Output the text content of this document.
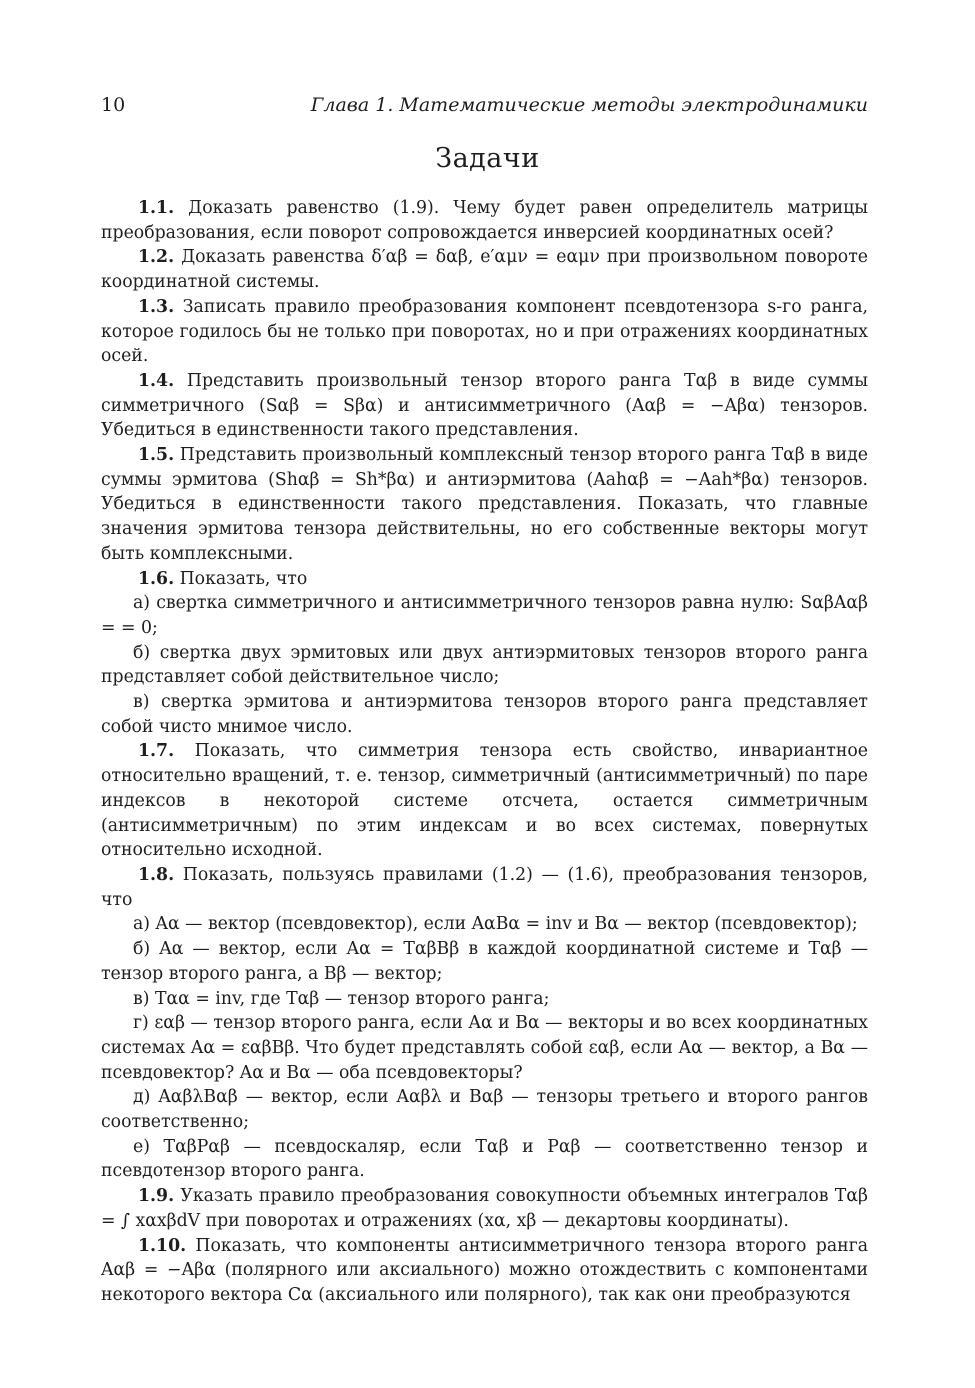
10	Глава 1. Математические методы электродинамики
Задачи

1.1. Доказать равенство (1.9). Чему будет равен определитель матрицы преобразования, если поворот сопровождается инверсией координатных осей?

1.2. Доказать равенства δ′αβ = δαβ, e′αμν = eαμν при произвольном повороте координатной системы.

1.3. Записать правило преобразования компонент псевдотензора s-го ранга, которое годилось бы не только при поворотах, но и при отражениях координатных осей.

1.4. Представить произвольный тензор второго ранга Tαβ в виде суммы симметричного (Sαβ = Sβα) и антисимметричного (Aαβ = −Aβα) тензоров. Убедиться в единственности такого представления.

1.5. Представить произвольный комплексный тензор второго ранга Tαβ в виде суммы эрмитова (Shαβ = Sh*βα) и антиэрмитова (Aahαβ = −Aah*βα) тензоров. Убедиться в единственности такого представления. Показать, что главные значения эрмитова тензора действительны, но его собственные векторы могут быть комплексными.

1.6. Показать, что

а) свертка симметричного и антисимметричного тензоров равна нулю: SαβAαβ = = 0;

б) свертка двух эрмитовых или двух антиэрмитовых тензоров второго ранга представляет собой действительное число;

в) свертка эрмитова и антиэрмитова тензоров второго ранга представляет собой чисто мнимое число.

1.7. Показать, что симметрия тензора есть свойство, инвариантное относительно вращений, т. е. тензор, симметричный (антисимметричный) по паре индексов в некоторой системе отсчета, остается симметричным (антисимметричным) по этим индексам и во всех системах, повернутых относительно исходной.

1.8. Показать, пользуясь правилами (1.2) — (1.6), преобразования тензоров, что

а) Aα — вектор (псевдовектор), если AαBα = inv и Bα — вектор (псевдовектор);

б) Aα — вектор, если Aα = TαβBβ в каждой координатной системе и Tαβ — тензор второго ранга, а Bβ — вектор;

в) Tαα = inv, где Tαβ — тензор второго ранга;

г) εαβ — тензор второго ранга, если Aα и Bα — векторы и во всех координатных системах Aα = εαβBβ. Что будет представлять собой εαβ, если Aα — вектор, а Bα — псевдовектор? Aα и Bα — оба псевдовекторы?

д) AαβλBαβ — вектор, если Aαβλ и Bαβ — тензоры третьего и второго рангов соответственно;

е) TαβPαβ — псевдоскаляр, если Tαβ и Pαβ — соответственно тензор и псевдотензор второго ранга.

1.9. Указать правило преобразования совокупности объемных интегралов Tαβ = ∫ xαxβdV при поворотах и отражениях (xα, xβ — декартовы координаты).

1.10. Показать, что компоненты антисимметричного тензора второго ранга Aαβ = −Aβα (полярного или аксиального) можно отождествить с компонентами некоторого вектора Cα (аксиального или полярного), так как они преобразуются
